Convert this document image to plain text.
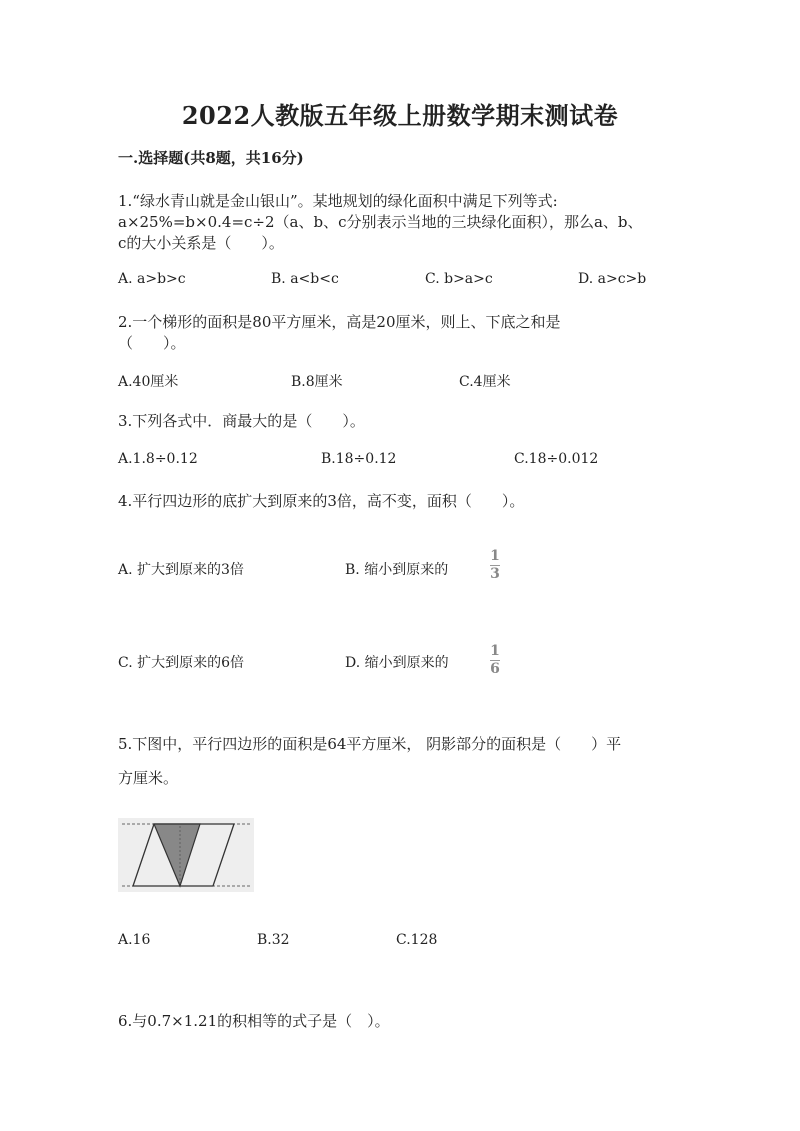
2022人教版五年级上册数学期末测试卷
一.选择题(共8题，共16分)
1.“绿水青山就是金山银山”。某地规划的绿化面积中满足下列等式:
a×25%=b×0.4=c÷2（a、b、c分别表示当地的三块绿化面积），那么a、b、
c的大小关系是（　　）。
A. a>b>c	B. a<b<c	C. b>a>c	D. a>c>b
2.一个梯形的面积是80平方厘米，高是20厘米，则上、下底之和是
（　　）。
A.40厘米	B.8厘米	C.4厘米
3.下列各式中．商最大的是（　　）。
A.1.8÷0.12	B.18÷0.12	C.18÷0.012
4.平行四边形的底扩大到原来的3倍，高不变，面积（　　）。
A. 扩大到原来的3倍	B. 缩小到原来的
1
3
C. 扩大到原来的6倍	D. 缩小到原来的
1
6
5.下图中，平行四边形的面积是64平方厘米， 阴影部分的面积是（　　）平
方厘米。
A.16	B.32	C.128
6.与0.7×1.21的积相等的式子是（　）。
